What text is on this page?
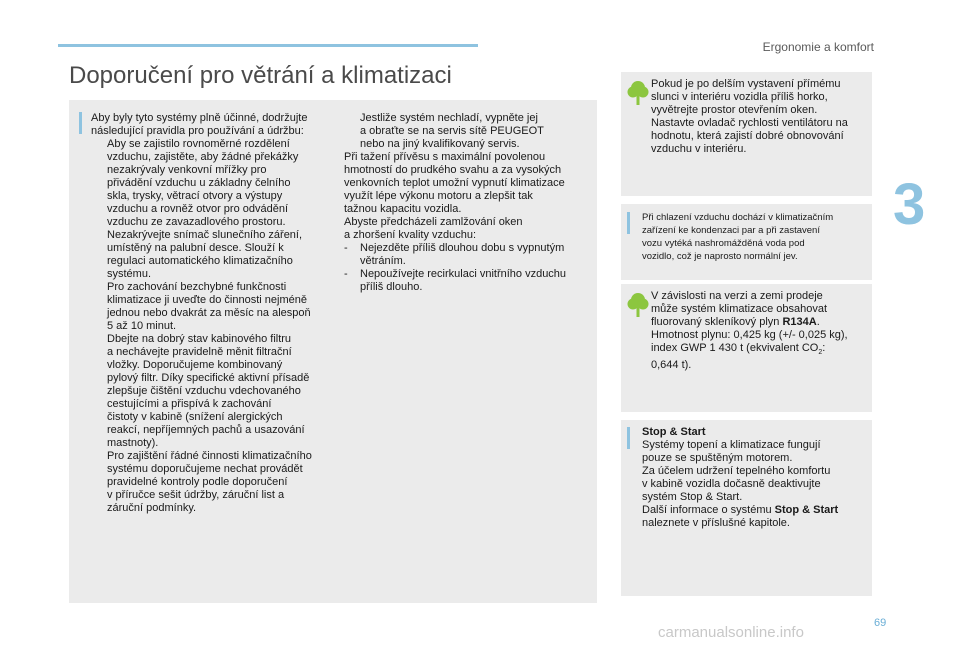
Ergonomie a komfort
Doporučení pro větrání a klimatizaci
3
Aby byly tyto systémy plně účinné, dodržujte
následující pravidla pro používání a údržbu:
Aby se zajistilo rovnoměrné rozdělení
vzduchu, zajistěte, aby žádné překážky
nezakrývaly venkovní mřížky pro
přivádění vzduchu u základny čelního
skla, trysky, větrací otvory a výstupy
vzduchu a rovněž otvor pro odvádění
vzduchu ze zavazadlového prostoru.
Nezakrývejte snímač slunečního záření,
umístěný na palubní desce. Slouží k
regulaci automatického klimatizačního
systému.
Pro zachování bezchybné funkčnosti
klimatizace ji uveďte do činnosti nejméně
jednou nebo dvakrát za měsíc na alespoň
5 až 10 minut.
Dbejte na dobrý stav kabinového filtru
a nechávejte pravidelně měnit filtrační
vložky. Doporučujeme kombinovaný
pylový filtr. Díky specifické aktivní přísadě
zlepšuje čištění vzduchu vdechovaného
cestujícími a přispívá k zachování
čistoty v kabině (snížení alergických
reakcí, nepříjemných pachů a usazování
mastnoty).
Pro zajištění řádné činnosti klimatizačního
systému doporučujeme nechat provádět
pravidelné kontroly podle doporučení
v příručce sešit údržby, záruční list a
záruční podmínky.
Jestliže systém nechladí, vypněte jej
a obraťte se na servis sítě PEUGEOT
nebo na jiný kvalifikovaný servis.
Při tažení přívěsu s maximální povolenou
hmotností do prudkého svahu a za vysokých
venkovních teplot umožní vypnutí klimatizace
využít lépe výkonu motoru a zlepšit tak
tažnou kapacitu vozidla.
Abyste předcházeli zamlžování oken
a zhoršení kvality vzduchu:
- Nejezděte příliš dlouhou dobu s vypnutým
větráním.
- Nepoužívejte recirkulaci vnitřního vzduchu
příliš dlouho.
Pokud je po delším vystavení přímému
slunci v interiéru vozidla příliš horko,
vyvětrejte prostor otevřením oken.
Nastavte ovladač rychlosti ventilátoru na
hodnotu, která zajistí dobré obnovování
vzduchu v interiéru.
Při chlazení vzduchu dochází v klimatizačním
zařízení ke kondenzaci par a při zastavení
vozu vytéká nashromážděná voda pod
vozidlo, což je naprosto normální jev.
V závislosti na verzi a zemi prodeje
může systém klimatizace obsahovat
fluorovaný skleníkový plyn R134A.
Hmotnost plynu: 0,425 kg (+/- 0,025 kg),
index GWP 1 430 t (ekvivalent $CO_2$:
0,644 t).
Stop & Start
Systémy topení a klimatizace fungují
pouze se spuštěným motorem.
Za účelem udržení tepelného komfortu
v kabině vozidla dočasně deaktivujte
systém Stop & Start.
Další informace o systému Stop & Start
naleznete v příslušné kapitole.
69
carmanualsonline.info
